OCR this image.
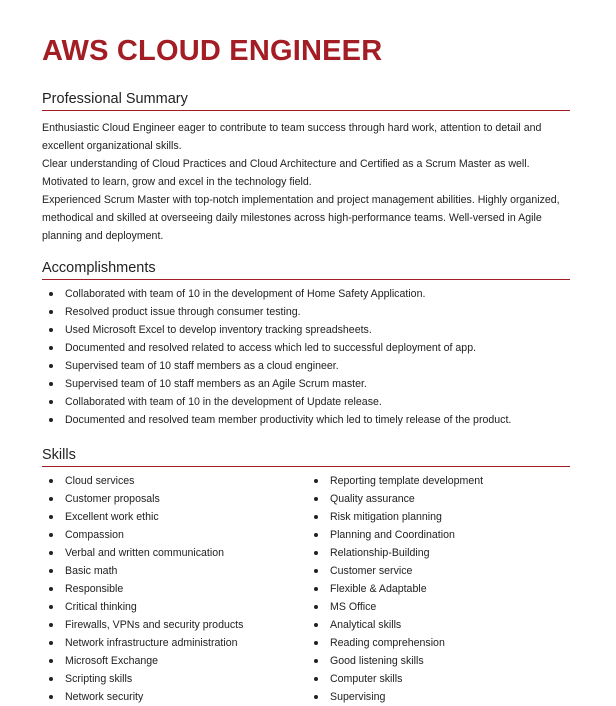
AWS CLOUD ENGINEER
Professional Summary
Enthusiastic Cloud Engineer eager to contribute to team success through hard work, attention to detail and
excellent organizational skills.
Clear understanding of Cloud Practices and Cloud Architecture and Certified as a Scrum Master as well.
Motivated to learn, grow and excel in the technology field.
Experienced Scrum Master with top-notch implementation and project management abilities. Highly organized,
methodical and skilled at overseeing daily milestones across high-performance teams. Well-versed in Agile
planning and deployment.
Accomplishments
Collaborated with team of 10 in the development of Home Safety Application.
Resolved product issue through consumer testing.
Used Microsoft Excel to develop inventory tracking spreadsheets.
Documented and resolved related to access which led to successful deployment of app.
Supervised team of 10 staff members as a cloud engineer.
Supervised team of 10 staff members as an Agile Scrum master.
Collaborated with team of 10 in the development of Update release.
Documented and resolved team member productivity which led to timely release of the product.
Skills
Cloud services
Customer proposals
Excellent work ethic
Compassion
Verbal and written communication
Basic math
Responsible
Critical thinking
Firewalls, VPNs and security products
Network infrastructure administration
Microsoft Exchange
Scripting skills
Network security
Reporting template development
Quality assurance
Risk mitigation planning
Planning and Coordination
Relationship-Building
Customer service
Flexible & Adaptable
MS Office
Analytical skills
Reading comprehension
Good listening skills
Computer skills
Supervising
